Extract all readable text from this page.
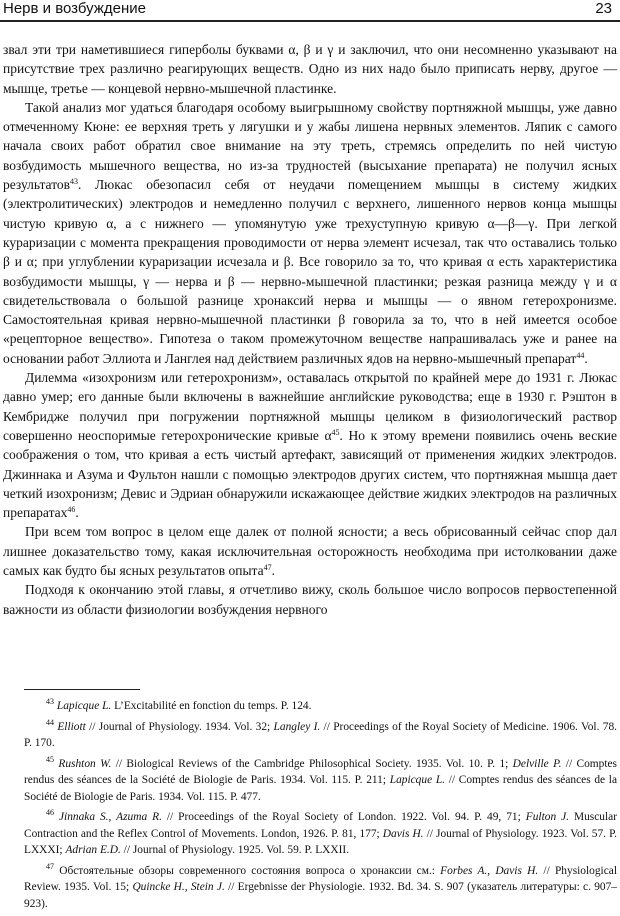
Нерв и возбуждение	23

звал эти три наметившиеся гиперболы буквами α, β и γ и заключил, что они несомненно указывают на присутствие трех различно реагирующих веществ. Одно из них надо было приписать нерву, другое — мышце, третье — концевой нервно-мышечной пластинке.

Такой анализ мог удаться благодаря особому выигрышному свойству портняжной мышцы, уже давно отмеченному Кюне: ее верхняя треть у лягушки и у жабы лишена нервных элементов. Ляпик с самого начала своих работ обратил свое внимание на эту треть, стремясь определить по ней чистую возбудимость мышечного вещества, но из-за трудностей (высыхание препарата) не получил ясных результатов$^{43}$. Люкас обезопасил себя от неудачи помещением мышцы в систему жидких (электролитических) электродов и немедленно получил с верхнего, лишенного нервов конца мышцы чистую кривую α, а с нижнего — упомянутую уже трехуступную кривую α—β—γ. При легкой кураризации с момента прекращения проводимости от нерва элемент исчезал, так что оставались только β и α; при углублении кураризации исчезала и β. Все говорило за то, что кривая α есть характеристика возбудимости мышцы, γ — нерва и β — нервно-мышечной пластинки; резкая разница между γ и α свидетельствовала о большой разнице хронаксий нерва и мышцы — о явном гетерохронизме. Самостоятельная кривая нервно-мышечной пластинки β говорила за то, что в ней имеется особое «рецепторное вещество». Гипотеза о таком промежуточном веществе напрашивалась уже и ранее на основании работ Эллиота и Ланглея над действием различных ядов на нервно-мышечный препарат$^{44}$.

Дилемма «изохронизм или гетерохронизм», оставалась открытой по крайней мере до 1931 г. Люкас давно умер; его данные были включены в важнейшие английские руководства; еще в 1930 г. Рэштон в Кембридже получил при погружении портняжной мышцы целиком в физиологический раствор совершенно неоспоримые гетерохронические кривые $\alpha^{45}$. Но к этому времени появились очень веские соображения о том, что кривая а есть чистый артефакт, зависящий от применения жидких электродов. Джиннака и Азума и Фультон нашли с помощью электродов других систем, что портняжная мышца дает четкий изохронизм; Девис и Эдриан обнаружили искажающее действие жидких электродов на различных препаратах$^{46}$.

При всем том вопрос в целом еще далек от полной ясности; а весь обрисованный сейчас спор дал лишнее доказательство тому, какая исключительная осторожность необходима при истолковании даже самых как будто бы ясных результатов опыта$^{47}$.

Подходя к окончанию этой главы, я отчетливо вижу, сколь большое число вопросов первостепенной важности из области физиологии возбуждения нервного

$^{43}$ Lapicque L. L’Excitabilité en fonction du temps. P. 124.

$^{44}$ Elliott // Journal of Physiology. 1934. Vol. 32; Langley I. // Proceedings of the Royal Society of Medicine. 1906. Vol. 78. P. 170.

$^{45}$ Rushton W. // Biological Reviews of the Cambridge Philosophical Society. 1935. Vol. 10. P. 1; Delville P. // Comptes rendus des séances de la Société de Biologie de Paris. 1934. Vol. 115. P. 211; Lapicque L. // Comptes rendus des séances de la Société de Biologie de Paris. 1934. Vol. 115. P. 477.

$^{46}$ Jinnaka S., Azuma R. // Proceedings of the Royal Society of London. 1922. Vol. 94. P. 49, 71; Fulton J. Muscular Contraction and the Reflex Control of Movements. London, 1926. P. 81, 177; Davis H. // Journal of Physiology. 1923. Vol. 57. P. LXXXI; Adrian E.D. // Journal of Physiology. 1925. Vol. 59. P. LXXII.

$^{47}$ Обстоятельные обзоры современного состояния вопроса о хронаксии см.: Forbes A., Davis H. // Physiological Review. 1935. Vol. 15; Quincke H., Stein J. // Ergebnisse der Physiologie. 1932. Bd. 34. S. 907 (указатель литературы: с. 907–923).
